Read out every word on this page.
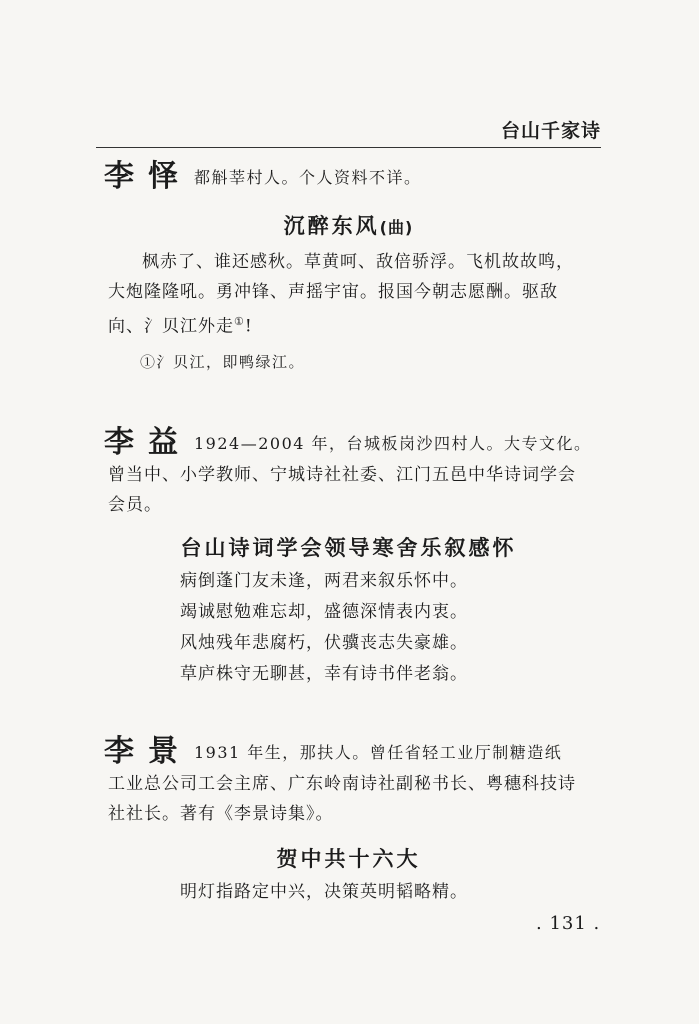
台山千家诗
李怿 都斛莘村人。个人资料不详。
沉醉东风(曲)

枫赤了、谁还感秋。草黄呵、敌倍骄浮。飞机故故鸣，

大炮隆隆吼。勇冲锋、声摇宇宙。报国今朝志愿酬。驱敌

向、氵贝江外走①!

①氵贝江，即鸭绿江。
李益 1924—2004 年，台城板岗沙四村人。大专文化。

曾当中、小学教师、宁城诗社社委、江门五邑中华诗词学会

会员。

台山诗词学会领导寒舍乐叙感怀
病倒蓬门友未逢，两君来叙乐怀中。
竭诚慰勉难忘却，盛德深情表内衷。
风烛残年悲腐朽，伏骥丧志失豪雄。
草庐株守无聊甚，幸有诗书伴老翁。
李景 1931 年生，那扶人。曾任省轻工业厅制糖造纸

工业总公司工会主席、广东岭南诗社副秘书长、粤穗科技诗

社社长。著有《李景诗集》。

贺中共十六大
明灯指路定中兴，决策英明韬略精。
. 131 .
